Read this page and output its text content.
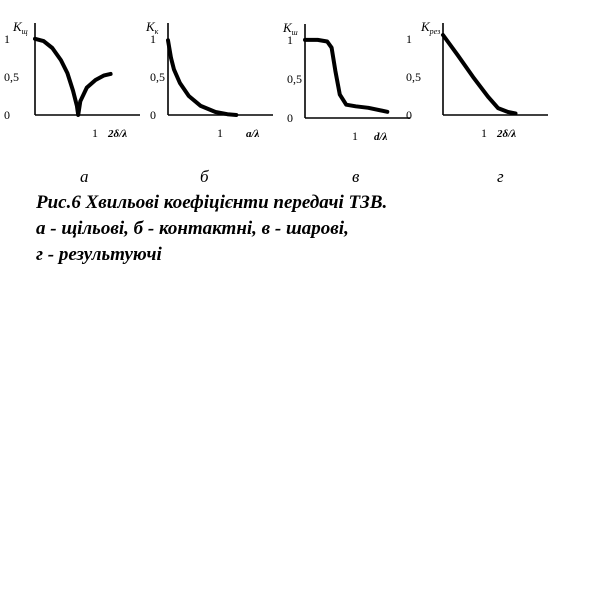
$K_щ$
1
0,5
0
1 2δ/λ
а
$K_к$
1
0,5
0
1 a/λ
б
$K_ш$
1
0,5
0
1 d/λ
в
$K_{рез}$
1
0,5
0
1 2δ/λ
г
Рис.6 Хвильові коефіцієнти передачі ТЗВ.
а - щільові, б - контактні, в - шарові,
г - результуючі
